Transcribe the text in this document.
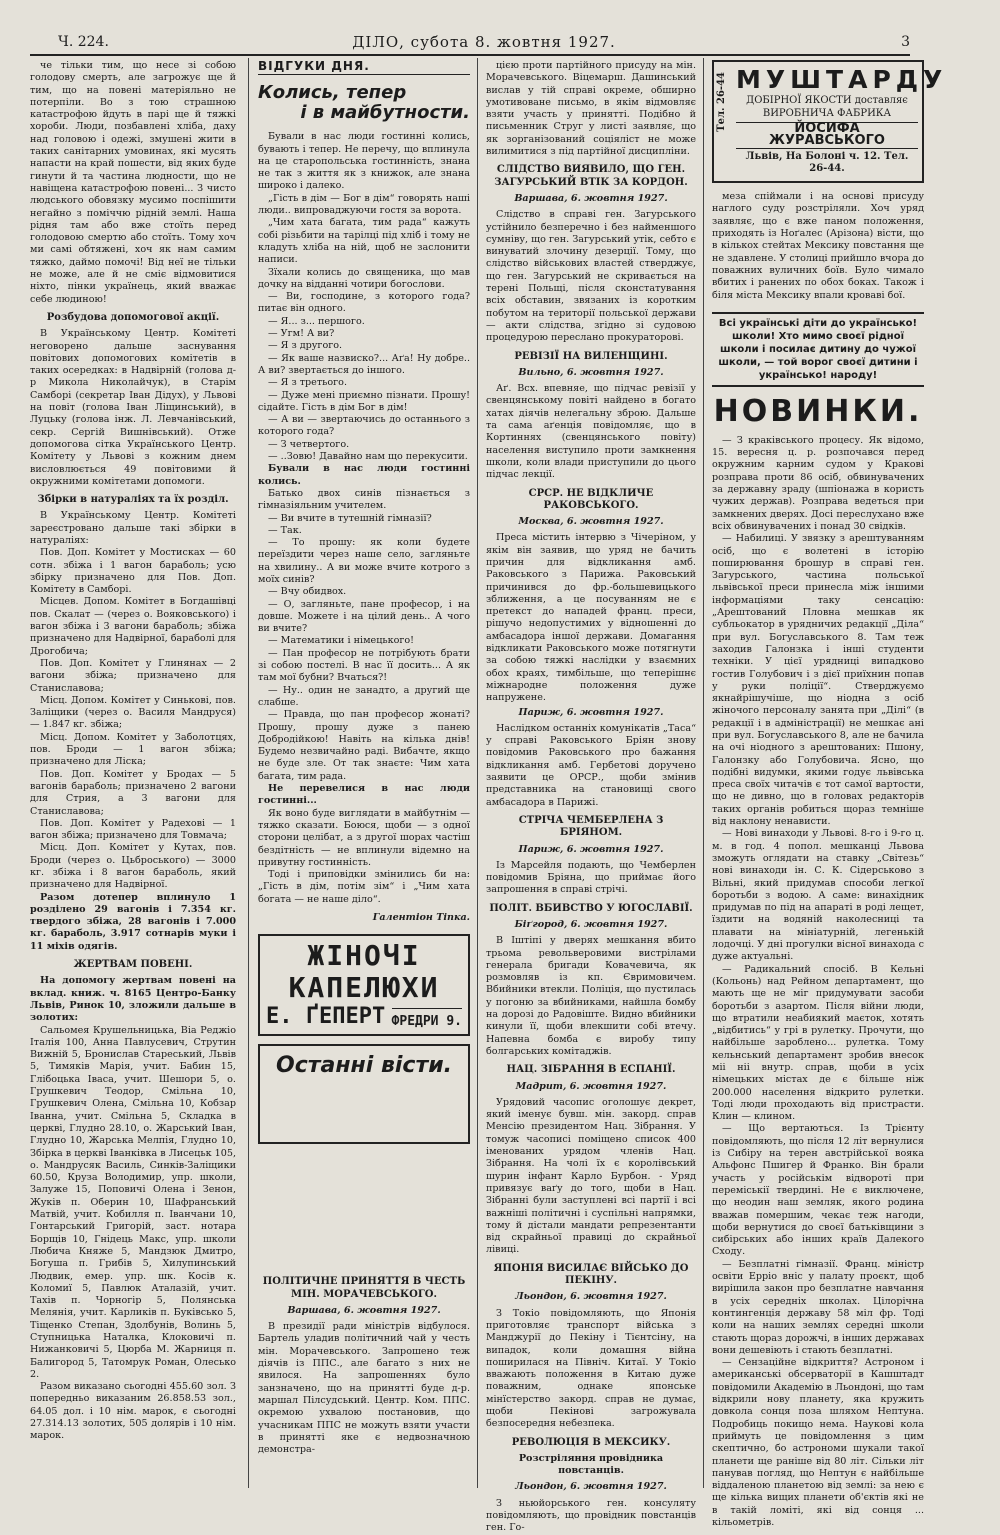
Ч. 224.	ДІЛО, субота 8. жовтня 1927.	3

че тільки тим, що несе зі собою голодову смерть, але загрожує ще й тим, що на повені матеріяльно не потерпіли. Во з тою страшною катастрофою йдуть в парі ще й тяжкі хороби. Люди, позбавлені хліба, даху над головою і одежі, змушені жити в таких санітарних умовинах, які мусять напасти на край пошести, від яких буде гинути й та частина людности, що не навіщена катастрофою повені... З чисто людського обовязку мусимо поспішити негайно з поміччю рідній землі. Нашa рідня там або вже стоїть перед голодовою смертю або стоїть. Тому хоч ми самі обтяжені, хоч як нам самим тяжко, даймо помочі! Від неї не тільки не можe, але й не сміє відмовитися ніхто, пінки українець, який вважає себе людиною!

Розбудова допомогової акції.

В Українському Центр. Комітеті неговорено дальше заснування повітових допомогових комітетів в таких осередках: в Надвірній (голова д-р Микола Николайчук), в Старім Самборі (секретар Іван Дідух), у Львові на повіт (голова Іван Ліщинський), в Луцьку (голова інж. Л. Левчанівський, секр. Сергій Вишнівський). Отже допомогова сітка Українського Центр. Комітету у Львові з кожним днем висловлюється 49 повітовими й окружними комітетами допомоги.

Збірки в натураліях та їх розділ.

В Українському Центр. Комітеті зареєстровано дальше такі збірки в натураліях:

Пов. Доп. Комітет у Мостисках — 60 сотн. збіжа і 1 вагон бараболь; усю збірку призначено для Пов. Доп. Комітету в Самборі.

Місцев. Допом. Комітет в Богдашівці пов. Скалат — (через о. Вояковського) і вагон збіжа і 3 вагони бараболь; збіжа призначено для Надвірної, бараболі для Дрогобича;

Пов. Доп. Комітет у Глинянах — 2 вагони збіжа; призначено для Станиславова;

Місц. Допом. Комітет у Синькові, пов. Заліщики (через о. Василя Мандруся) — 1.847 кг. збіжа;

Місц. Допом. Комітет у Заболотцях, пов. Броди — 1 вагон збіжа; призначено для Ліска;

Пов. Доп. Комітет у Бродах — 5 вагонів бараболь; призначено 2 вагони для Стрия, а 3 вагони для Станиславова;

Пов. Доп. Комітет у Радехові — 1 вагон збіжа; призначено для Товмача;

Місц. Доп. Комітет у Кутах, пов. Броди (через о. Цьброського) — 3000 кг. збіжа і 8 вагон бараболь, який призначено для Надвірної.

Разом дотепер вплинуло 1 розділено 29 вагонів і 7.354 кг. твердого збіжа, 28 вагонів і 7.000 кг. бараболь, 3.917 сотнарів муки і 11 міхів одягів.

ЖЕРТВАМ ПОВЕНІ.

На допомогу жертвам повені на вклад. книж. ч. 8165 Центро-Банку Львів, Ринок 10, зложили дальше в золотих:

Сальомея Крушельницька, Віа Реджіо Італія 100, Анна Павлусевич, Струтин Вижній 5, Бронислав Стареський, Львів 5, Тимяків Марія, учит. Бабин 15, Глібоцька Іваса, учит. Шешори 5, о. Грушкевич Теодор, Смільна 10, Грушкевич Олена, Смільна 10, Кобзар Іванна, учит. Смільна 5, Складка в церкві, Глудно 28.10, о. Жарський Іван, Глудно 10, Жарська Мелпія, Глудно 10, Збірка в церкві Іванківка в Лисецьк 105, о. Мандрусяк Василь, Синків-Заліщики 60.50, Круза Володимир, упр. школи, Залуже 15, Поповичі Олена і Зенон, Жуків п. Оберин 10, Шафранський Матвій, учит. Кобилля п. Іванчани 10, Гонтарський Григорій, заст. нотара Борщів 10, Гнідець Макс, упр. школи Любича Княже 5, Мандзюк Дмитро, Богуша п. Грибів 5, Хилупинський Людвик, емер. упр. шк. Косів к. Коломиї 5, Павлюк Аталазій, учит. Тахів п. Чорногір 5, Полянська Мелянія, учит. Карликів п. Буківсько 5, Тіщенко Степан, Здолбунів, Волинь 5, Ступницька Наталка, Клоковичі п. Нижанковичі 5, Цюрба М. Жарниця п. Балигород 5, Татомрук Роман, Олесько 2.

Разом виказано сьогодні 455.60 зол. З попередньо виказаним 26.858.53 зол., 64.05 дол. і 10 нім. марок, є сьогодні 27.314.13 золотих, 505 долярів і 10 нім. марок.

ВІДГУКИ ДНЯ.
Колись, тепер
і в майбутности.

Бували в нас люди гостинні колись, бувають і тепер. Не перечу, що вплинула на це старопольська гостинність, знана не так з життя як з книжок, але знана широко і далеко.

„Гість в дім — Бог в дім“ говорять наші люди.. випроваджуючи гостя за ворота.

„Чим хата багата, тим рада“ кажуть собі різьбити на тарілці під хліб і тому не кладуть хліба на ній, щоб не заслонити написи.

Зїхали колись до священика, що мав дочку на відданні чотири богослови.

— Ви, господине, з которого года? питає він одного.

— Я... з... першого.

— Угм! А ви?

— Я з другого.

— Як ваше назвиско?... Аґа! Ну добре.. А ви? звертається до іншого.

— Я з третього.

— Дуже мені приємно пізнати. Прошу! сідайте. Гість в дім Бог в дім!

— А ви — звертаючись до останнього з которого года?

— З четвертого.

— ..Зовю! Давайно нам що перекусити.

Бували в нас люди гостинні колись.

Батько двох синів пізнається з гімназіяльним учителем.

— Ви вчите в тутешній гімназії?

— Так.

— То прошу: як коли будете переїздити через наше село, загляньте на хвилину.. А ви може вчите котрого з моїх синів?

— Вчу обидвох.

— О, загляньте, пане професор, і на довше. Можете і на цілий день.. А чого ви вчите?

— Математики і німецького!

— Пан професор не потрібують брати зі собою постелі. В нас її досить... А як там мої бубни? Вчаться?!

— Ну.. один не занадто, а другий ще слабше.

— Правда, що пан професор жонаті? Прошу, прошу дуже з панею Добродійкою! Навіть на кілька днів! Будемо незвичайно раді. Вибачте, якщо не буде зле. От так знаєте: Чим хата багата, тим рада.

Не перевелися в нас люди гостинні...

Як воно буде виглядати в майбутнім — тяжко сказати. Боюся, щоби — з одної сторони целібат, а з другої шорах частіш бездітність — не вплинули відемно на привутну гостинність.

Тоді і приповідки змінились би на: „Гість в дім, потім зім“ і „Чим хата богата — не наше діло“.

Галентіон Тіпка.
ЖІНОЧІ КАПЕЛЮХИ
Е. ҐЕПЕРТ ФРЕДРИ 9.
Останні вісти.
ПОЛІТИЧНЕ ПРИНЯТТЯ В ЧЕСТЬ МІН. МОРАЧЕВСЬКОГО.
Варшава, 6. жовтня 1927.

В президії ради міністрів відбулося. Бартель уладив політичний чай у честь мін. Морачевського. Запрошено теж діячів із ППС., але багато з них не явилося. На запрошеннях було занзначено, що на принятті буде д-р. маршал Пілсудський. Центр. Ком. ППС. окремою ухвалою постановив, що учасникам ППС не можуть взяти участи в принятті яке є недвозначною демонстра-

цією проти партійного присуду на мін. Морачевського. Віцемарш. Дашинський вислав у тій справі окреме, обширно умотивоване письмо, в якім відмовляє взяти участь у принятті. Подібно й письменник Струг у листі заявляє, що як зорганізований соціяліст не може вилимитися з під партійної дисципліни.

СЛІДСТВО ВИЯВИЛО, ЩО ГЕН. ЗАГУРСЬКИЙ ВТІК ЗА КОРДОН.
Варшава, 6. жовтня 1927.

Слідство в справі ген. Загурського устійнило безперечно і без найменшого сумніву, що ген. Загурський утік, себто є винуватий злочину дезерції. Тому, що слідство військових властей стверджує, що ген. Загурський не скривається на терені Польщі, після сконстатування всіх обставин, звязаних із коротким побутом на території польської держави — акти слідства, згідно зі судовою процедурою переслано прокураторові.

РЕВІЗІЇ НА ВИЛЕНЩИНІ.
Вильно, 6. жовтня 1927.

Аґ. Всх. впевняе, що підчас ревізії у свенцянському повіті найдено в богато хатах діячів нелегальну зброю. Дальше та сама аґенція повідомляє, що в Кортиннях (свенцянського повіту) населення виступило проти замкнення школи, коли влади приступили до цього підчас лекції.

СРСР. НЕ ВІДКЛИЧЕ РАКОВСЬКОГО.
Москва, 6. жовтня 1927.

Преса містить інтервю з Чічеріном, у якім він заявив, що уряд не бачить причин для відкликання амб. Раковського з Парижа. Раковський причинився до фр.-большевицького зближення, а це посуванням не є претекст до нападей франц. преси, рішучо недопустимих у відношенні до амбасадора іншої держави. Домагання відкликати Раковського може потягнути за собою тяжкі наслідки у взаємних обох краях, тимбільше, що теперішнє міжнародне положення дуже напружене.

Париж, 6. жовтня 1927.

Наслідком останніх комунікатів „Таса“ у справі Раковського Бріян знову повідомив Раковського про бажання відкликання амб. Гербетові доручено заявити це ОРСР., щоби змінив представника на становищі свого амбасадора в Парижі.

СТРІЧА ЧЕМБЕРЛЕНА З БРІЯНОМ.
Париж, 6. жовтня 1927.

Із Марсейля подають, що Чемберлен повідомив Бріяна, що приймає його запрошення в справі стрічі.

ПОЛІТ. ВБИВСТВО У ЮГОСЛАВІЇ.
Біґгород, 6. жовтня 1927.

В Іштіпі у дверях мешкання вбито трьома револьверовими вистрілами генерала бригади Ковачевича, як розмовляв із кп. Євримовичем. Вбийники втекли. Поліція, що пустилась у погоню за вбийниками, найшла бомбу на дорозі до Радовіште. Видно вбийники кинули її, щоби влекшити собі втечу. Напевна бомба є виробу типу болгарських комітаджів.

НАЦ. ЗІБРАННЯ В ЕСПАНІЇ.
Мадрит, 6. жовтня 1927.

Урядовий часопис оголошує декрет, який іменує бувш. мін. закорд. справ Менсію президентом Нац. Зібрання. У томуж часописі поміщено список 400 іменованих урядом членів Нац. Зібрання. На чолі їх є королівський шурин інфант Карло Бурбон. - Уряд привязує ваґу до того, щоби в Нац. Зібранні були заступлені всі партії і всі важніші політичні і суспільні напрямки, тому й дістали мандати репрезентанти від скрайньої правиці до скрайньої лівиці.

ЯПОНІЯ ВИСИЛАЄ ВІЙСЬКО ДО ПЕКІНУ.
Льондон, 6. жовтня 1927.

З Токіо повідомляють, що Японія приготовляє транспорт війська з Манджурії до Пекіну і Тієнтсіну, на випадок, коли домашня війна поширилася на Північ. Китаї. У Токіо вважають положення в Китаю дуже поважним, однаке японське мінїстерство закорд. справ не думає, щоби Пекінові загрожувала безпосередня небезпека.

РЕВОЛЮЦІЯ В МЕКСИКУ.
Розстріляння провідника повстанців.
Льондон, 6. жовтня 1927.

З ньюйорського ген. консуляту повідомляють, що провідник повстанців ген. Го-

Тел. 26-44 МУШТАРДУ
ДОБІРНОЇ ЯКОСТИ доставляє
ВИРОБНИЧА ФАБРИКА
ЙОСИФА ЖУРАВСЬКОГО
Львів, На Болоні ч. 12. Тел. 26-44.

меза спіймали і на основі присуду наглого суду розстріляли. Хоч уряд заявляє, що є вже паном положення, приходять із Ноґалес (Арізона) вісти, що в кількох стейтах Мексику повстання ще не здавлене. У столиці прийшло вчора до поважних вуличних боїв. Було чимало вбитих і ранених по обох боках. Також і біля міста Мексику впали кровавi бої.

Всі українські діти до українсько! школи! Хто мимо своєї рідної школи і посилає дитину до чужої школи, — той ворог своєї дитини і українсько! народу!
НОВИНКИ.

— З краківського процесу. Як відомо, 15. вересня ц. р. розпочався перед окружним карним судом у Кракові розправа проти 86 осіб, обвинувачених за державну зраду (шпіонажа в користь чужих держав). Розправа ведеться при замкнених дверях. Досі переслухано вже всіх обвинувачених і понад 30 свідків.

— Набилиці. У звязку з арештуванням осіб, що є волетені в історію поширювання брошур в справі ген. Загурського, частина польської львівської преси принесла між іншими інформаціями таку сенсацію: „Арештований Пловна мешкав як субльокатор в урядничих редакції „Діла“ при вул. Богуславського 8. Там теж заходив Галонзка і інші студенти техніки. У цієї урядниці випадково гостив Голубович і з дієї приїхнин попав у руки поліції“. Стверджуємо якнайрішучіше, що ніодна з осіб жіночого персоналу занята при „Ділі“ (в редакції і в адміністрації) не мешкає ані при вул. Богуславського 8, але не бачила на очі ніодного з арештованих: Пшону, Галонзку або Голубовича. Ясно, що подібні видумки, якими годує львівська преса своїх читачів є тот самої вартости, що не дивно, що в головах редакторів таких органів робиться щораз темніше від наклону ненависти.

— Нові винаходи у Львові. 8-го і 9-го ц. м. в год. 4 попол. мешканці Львова зможуть оглядати на ставку „Світезь“ нові винаходи ін. С. К. Сідерськово з Вільні, який придумав способи легкої боротьби з водою. А саме: винахідник придумав по під на апараті в роді лещет, їздити на водяній наколесниці та плавати на мініатурній, легенькій лодочці. У дні прогулки вісної винахода с дуже актуальні.

— Радикальний спосіб. В Кельні (Кольонь) над Рейном департамент, що мають ще не міг придумувати засоби боротьби з азартом. Після війни люди, що втратили неабиякий маєток, хотять „відбитись“ у грі в рулетку. Прочути, що найбільше зароблено... рулетка. Тому кельнський департамент зробив внесок міі ніі внутр. справ, щоби в усіх німецьких містах де є більше ніж 200.000 населення відкрито рулетки. Тоді люди проходають від пристрасти. Клин — клином.

— Що вертаються. Із Трієнту повідомляють, що після 12 літ вернулися із Сибіру на терен австрійської вояка Альфонс Пшигер й Франко. Він брали участь у російськім відвороті при переміськії твердині. Не є виключене, що неодин наш земляк, якого родина вважав помершим, чекає теж нагоди, щоби вернутися до своєї батьківщини з сибірських або інших країв Далекого Сходу.

— Безплатні гімназії. Франц. міністр освіти Ерріо вніс у палату проєкт, щоб вирішила закон про безплатне навчання в усіх середніх школах. Цілорічна контингенція державу 58 міл фр. Тоді коли на наших землях середні школи стають щораз дорожчі, в інших державах вони дешевіють і стають безплатні.

— Сензаційне відкриття? Астроном і американські обсерваторії в Кашштадт повідомили Академію в Льондоні, що там відкрили нову планету, яка кружить довкола сонця поза шляхом Нептуна. Подробиць покищо нема. Наукові кола приймуть це повідомлення з цим скептично, бо астрономи шукали такої планети ще раніше від 80 літ. Сільки літ панував погляд, що Нептун є найбільше віддаленою планетою від землі: за нею є ще кілька вищих планети об'єктів які не в такій ломіті, які від сонця ... кільометрів.
